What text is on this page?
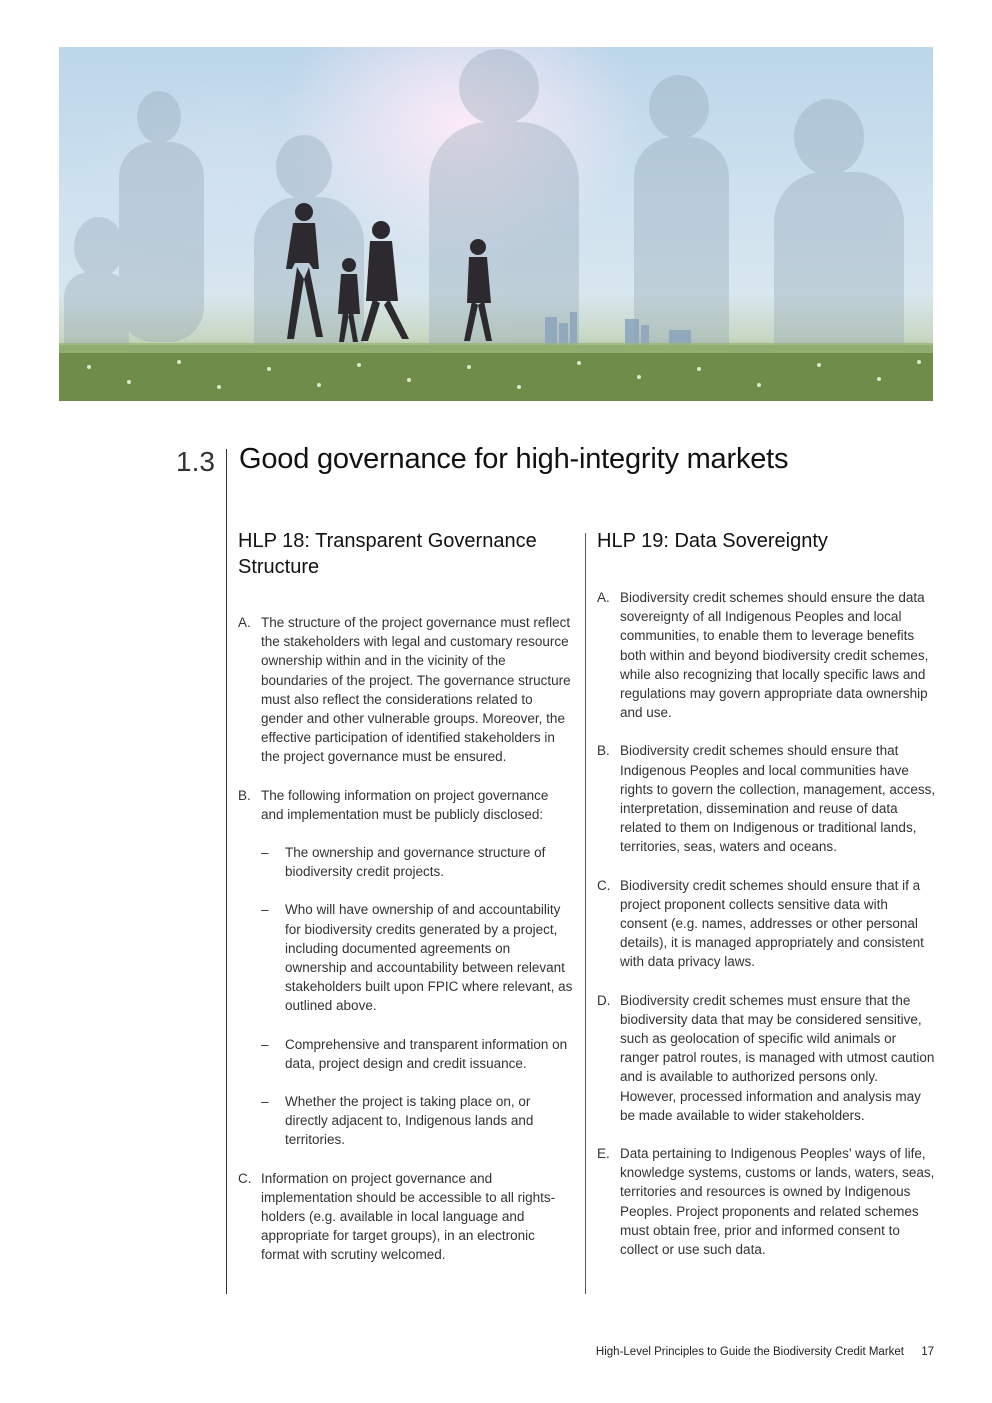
1.3 Good governance for high-integrity markets
HLP 18: Transparent Governance Structure
A. The structure of the project governance must reflect the stakeholders with legal and customary resource ownership within and in the vicinity of the boundaries of the project. The governance structure must also reflect the considerations related to gender and other vulnerable groups. Moreover, the effective participation of identified stakeholders in the project governance must be ensured.
B. The following information on project governance and implementation must be publicly disclosed:
– The ownership and governance structure of biodiversity credit projects.
– Who will have ownership of and accountability for biodiversity credits generated by a project, including documented agreements on ownership and accountability between relevant stakeholders built upon FPIC where relevant, as outlined above.
– Comprehensive and transparent information on data, project design and credit issuance.
– Whether the project is taking place on, or directly adjacent to, Indigenous lands and territories.
C. Information on project governance and implementation should be accessible to all rights-holders (e.g. available in local language and appropriate for target groups), in an electronic format with scrutiny welcomed.
HLP 19: Data Sovereignty
A. Biodiversity credit schemes should ensure the data sovereignty of all Indigenous Peoples and local communities, to enable them to leverage benefits both within and beyond biodiversity credit schemes, while also recognizing that locally specific laws and regulations may govern appropriate data ownership and use.
B. Biodiversity credit schemes should ensure that Indigenous Peoples and local communities have rights to govern the collection, management, access, interpretation, dissemination and reuse of data related to them on Indigenous or traditional lands, territories, seas, waters and oceans.
C. Biodiversity credit schemes should ensure that if a project proponent collects sensitive data with consent (e.g. names, addresses or other personal details), it is managed appropriately and consistent with data privacy laws.
D. Biodiversity credit schemes must ensure that the biodiversity data that may be considered sensitive, such as geolocation of specific wild animals or ranger patrol routes, is managed with utmost caution and is available to authorized persons only. However, processed information and analysis may be made available to wider stakeholders.
E. Data pertaining to Indigenous Peoples’ ways of life, knowledge systems, customs or lands, waters, seas, territories and resources is owned by Indigenous Peoples. Project proponents and related schemes must obtain free, prior and informed consent to collect or use such data.
High-Level Principles to Guide the Biodiversity Credit Market 17
